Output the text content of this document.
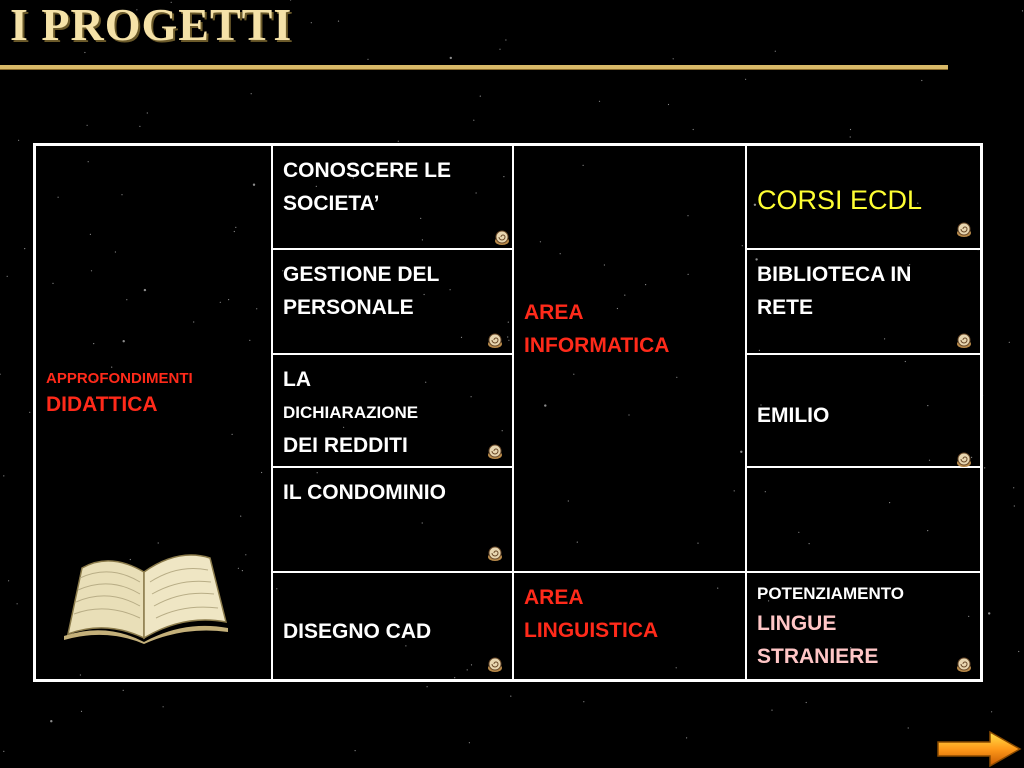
I PROGETTI
APPROFONDIMENTI
DIDATTICA
CONOSCERE LE SOCIETA’
GESTIONE DEL PERSONALE
LA
DICHIARAZIONE
DEI REDDITI
IL CONDOMINIO
DISEGNO CAD
AREA
INFORMATICA
AREA
LINGUISTICA
CORSI ECDL
BIBLIOTECA IN RETE
EMILIO
POTENZIAMENTO
LINGUE
STRANIERE
